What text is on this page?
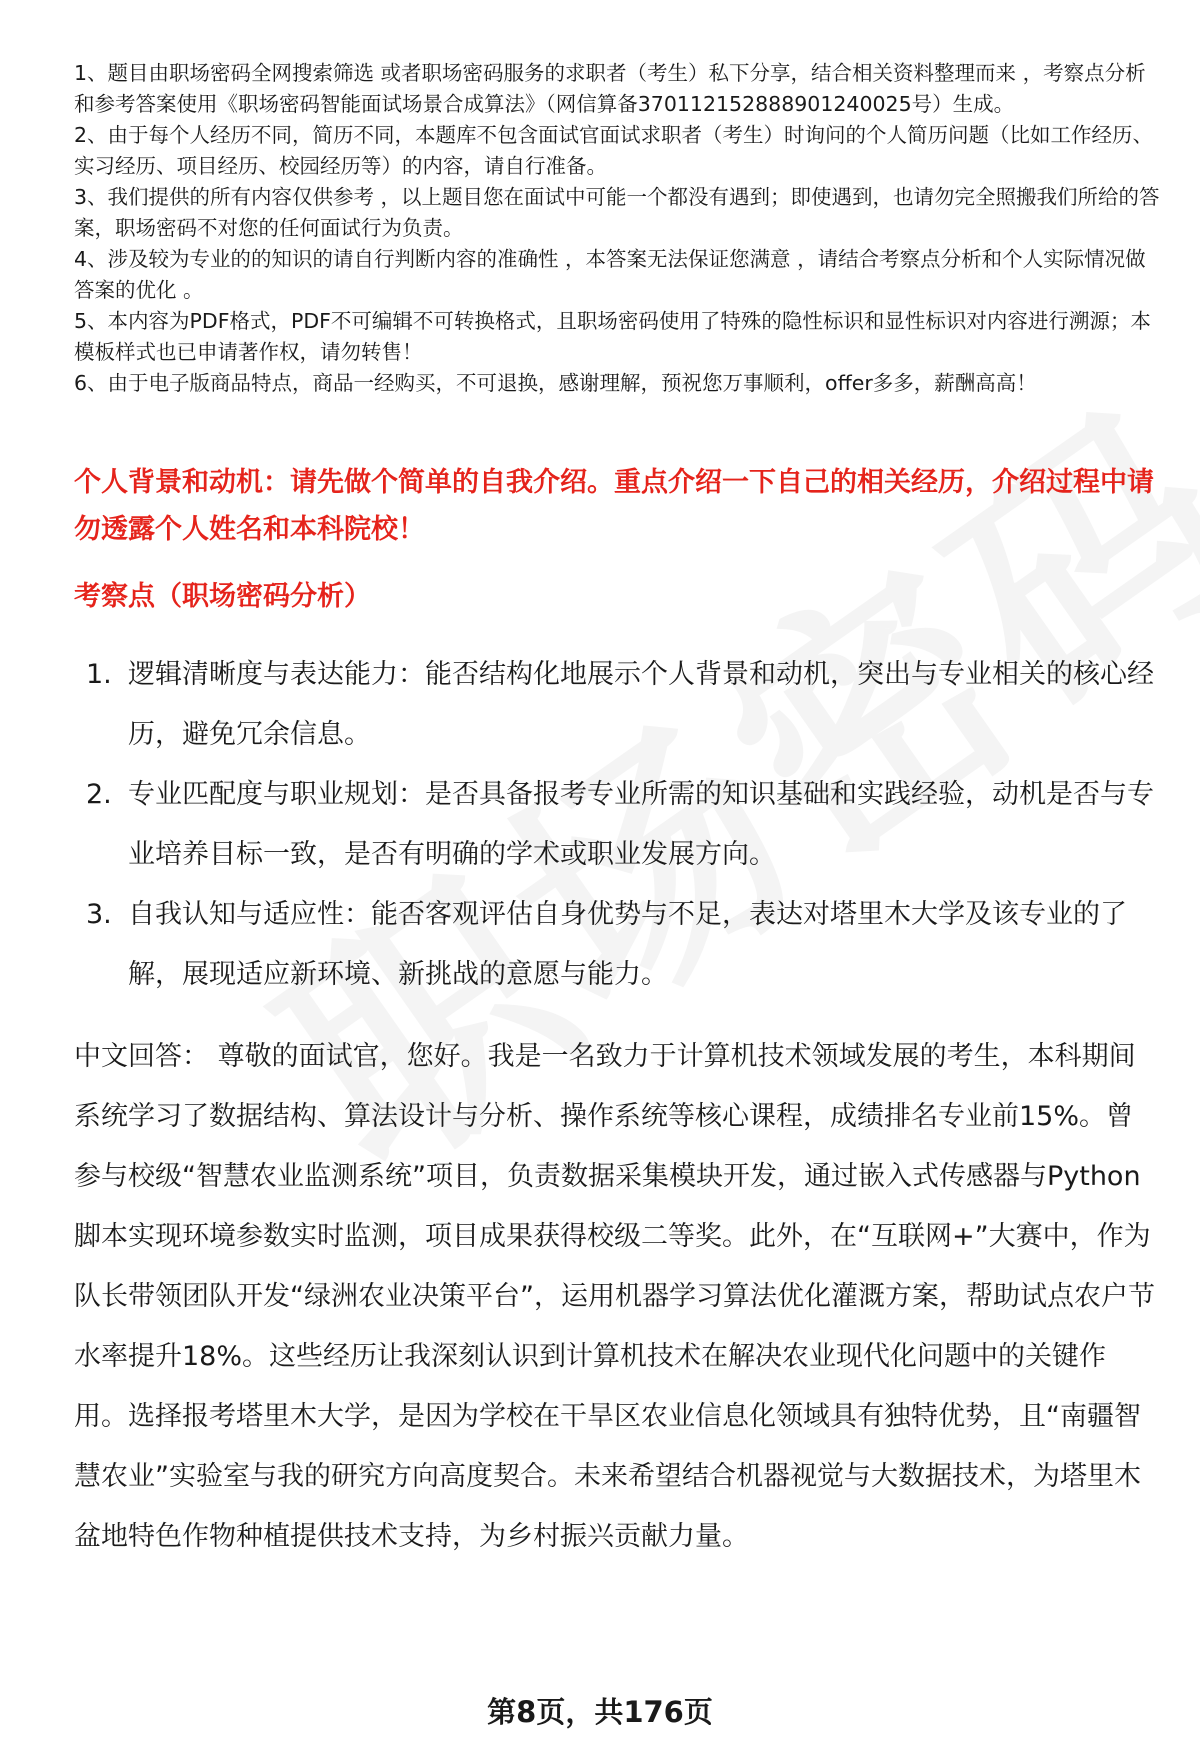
1、题目由职场密码全网搜索筛选 或者职场密码服务的求职者（考生）私下分享，结合相关资料整理而来 ，考察点分析和参考答案使用《职场密码智能面试场景合成算法》（网信算备370112152888901240025号）生成。

2、由于每个人经历不同，简历不同，本题库不包含面试官面试求职者（考生）时询问的个人简历问题（比如工作经历、实习经历、项目经历、校园经历等）的内容，请自行准备。

3、我们提供的所有内容仅供参考 ，以上题目您在面试中可能一个都没有遇到；即使遇到，也请勿完全照搬我们所给的答案，职场密码不对您的任何面试行为负责。

4、涉及较为专业的的知识的请自行判断内容的准确性 ，本答案无法保证您满意 ，请结合考察点分析和个人实际情况做答案的优化 。

5、本内容为PDF格式，PDF不可编辑不可转换格式，且职场密码使用了特殊的隐性标识和显性标识对内容进行溯源；本模板样式也已申请著作权，请勿转售！

6、由于电子版商品特点，商品一经购买，不可退换，感谢理解，预祝您万事顺利，offer多多，薪酬高高！

个人背景和动机：请先做个简单的自我介绍。重点介绍一下自己的相关经历，介绍过程中请勿透露个人姓名和本科院校！
考察点（职场密码分析）
1. 逻辑清晰度与表达能力：能否结构化地展示个人背景和动机，突出与专业相关的核心经历，避免冗余信息。
2. 专业匹配度与职业规划：是否具备报考专业所需的知识基础和实践经验，动机是否与专业培养目标一致，是否有明确的学术或职业发展方向。
3. 自我认知与适应性：能否客观评估自身优势与不足，表达对塔里木大学及该专业的了解，展现适应新环境、新挑战的意愿与能力。

中文回答： 尊敬的面试官，您好。我是一名致力于计算机技术领域发展的考生，本科期间系统学习了数据结构、算法设计与分析、操作系统等核心课程，成绩排名专业前15%。曾参与校级“智慧农业监测系统”项目，负责数据采集模块开发，通过嵌入式传感器与Python脚本实现环境参数实时监测，项目成果获得校级二等奖。此外，在“互联网+”大赛中，作为队长带领团队开发“绿洲农业决策平台”，运用机器学习算法优化灌溉方案，帮助试点农户节水率提升18%。这些经历让我深刻认识到计算机技术在解决农业现代化问题中的关键作用。选择报考塔里木大学，是因为学校在干旱区农业信息化领域具有独特优势，且“南疆智慧农业”实验室与我的研究方向高度契合。未来希望结合机器视觉与大数据技术，为塔里木盆地特色作物种植提供技术支持，为乡村振兴贡献力量。

第8页，共176页
